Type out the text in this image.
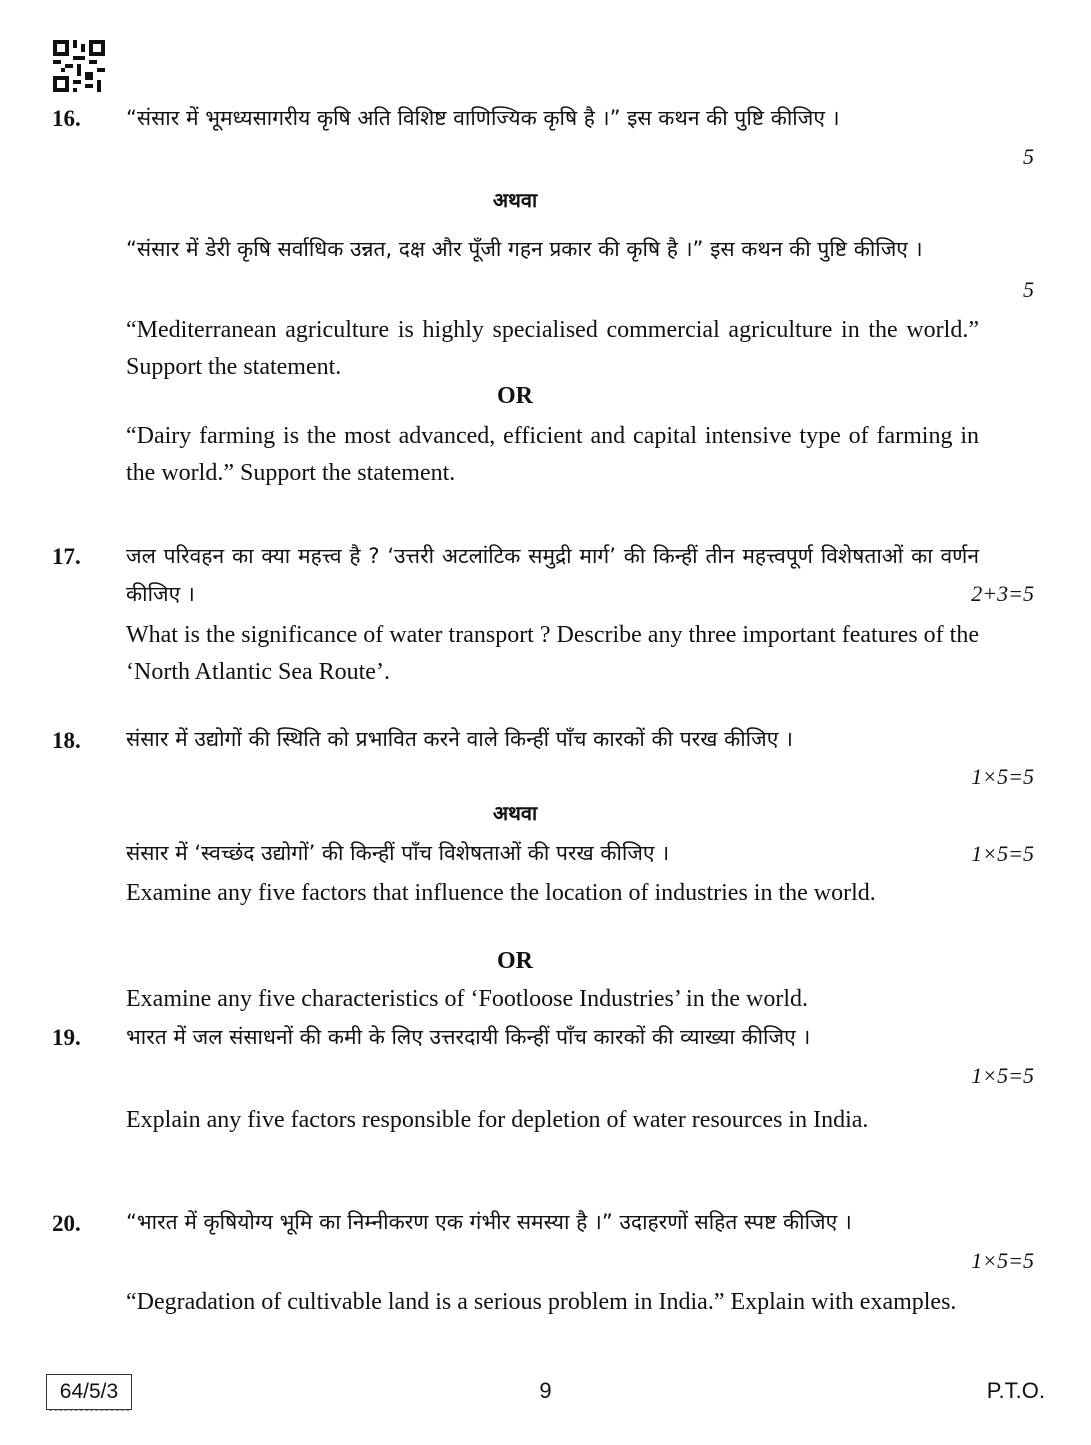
16. “संसार में भूमध्यसागरीय कृषि अति विशिष्ट वाणिज्यिक कृषि है ।” इस कथन की पुष्टि कीजिए ।
5
अथवा
“संसार में डेरी कृषि सर्वाधिक उन्नत, दक्ष और पूँजी गहन प्रकार की कृषि है ।” इस कथन की पुष्टि कीजिए ।
5
“Mediterranean agriculture is highly specialised commercial agriculture in the world.” Support the statement.
OR
“Dairy farming is the most advanced, efficient and capital intensive type of farming in the world.” Support the statement.
17. जल परिवहन का क्या महत्त्व है ? ‘उत्तरी अटलांटिक समुद्री मार्ग’ की किन्हीं तीन महत्त्वपूर्ण विशेषताओं का वर्णन कीजिए ।	2+3=5
What is the significance of water transport ? Describe any three important features of the ‘North Atlantic Sea Route’.
18. संसार में उद्योगों की स्थिति को प्रभावित करने वाले किन्हीं पाँच कारकों की परख कीजिए ।
1×5=5
अथवा
संसार में ‘स्वच्छंद उद्योगों’ की किन्हीं पाँच विशेषताओं की परख कीजिए ।	1×5=5
Examine any five factors that influence the location of industries in the world.
OR
Examine any five characteristics of ‘Footloose Industries’ in the world.
19. भारत में जल संसाधनों की कमी के लिए उत्तरदायी किन्हीं पाँच कारकों की व्याख्या कीजिए ।
1×5=5
Explain any five factors responsible for depletion of water resources in India.
20. “भारत में कृषियोग्य भूमि का निम्नीकरण एक गंभीर समस्या है ।” उदाहरणों सहित स्पष्ट कीजिए ।
1×5=5
“Degradation of cultivable land is a serious problem in India.” Explain with examples.
64/5/3	9	P.T.O.
